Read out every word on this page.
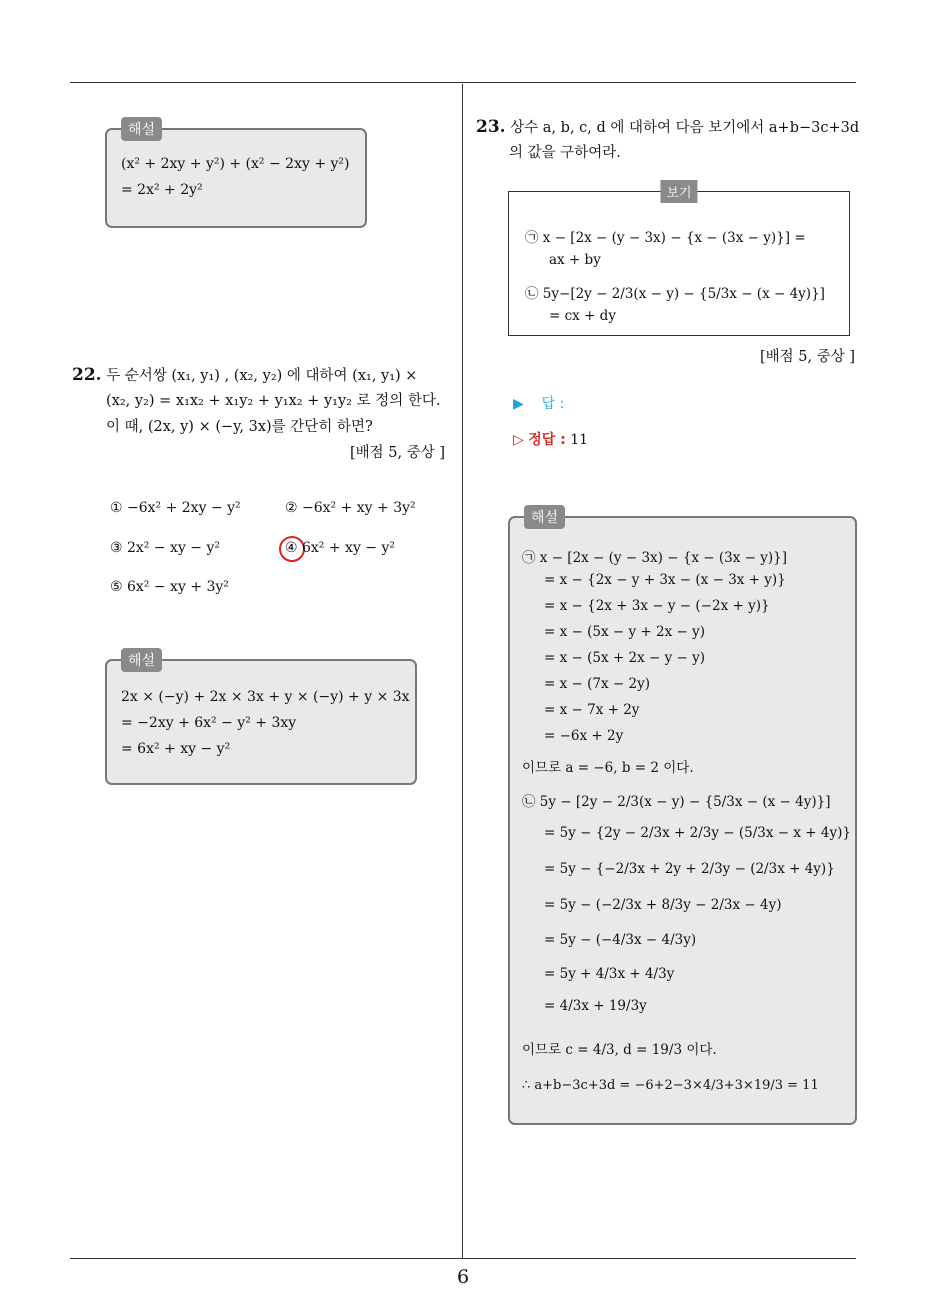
6
해설
(x² + 2xy + y²) + (x² − 2xy + y²)
= 2x² + 2y²
22. 두 순서쌍 (x₁, y₁) , (x₂, y₂) 에 대하여 (x₁, y₁) ×
(x₂, y₂) = x₁x₂ + x₁y₂ + y₁x₂ + y₁y₂ 로 정의 한다.
이 때, (2x, y) × (−y, 3x)를 간단히 하면?
[배점 5, 중상 ]
① −6x² + 2xy − y²	② −6x² + xy + 3y²
③ 2x² − xy − y²	④ 6x² + xy − y²
⑤ 6x² − xy + 3y²
해설
2x × (−y) + 2x × 3x + y × (−y) + y × 3x
= −2xy + 6x² − y² + 3xy
= 6x² + xy − y²
23. 상수 a, b, c, d 에 대하여 다음 보기에서 a+b−3c+3d
의 값을 구하여라.
보기
㉠ x − [2x − (y − 3x) − {x − (3x − y)}] =
ax + by
㉡ 5y−[2y − 2/3(x − y) − {5/3x − (x − 4y)}]
= cx + dy
[배점 5, 중상 ]
▶ 답 :
▷ 정답 : 11
해설
㉠ x − [2x − (y − 3x) − {x − (3x − y)}]
= x − {2x − y + 3x − (x − 3x + y)}
= x − {2x + 3x − y − (−2x + y)}
= x − (5x − y + 2x − y)
= x − (5x + 2x − y − y)
= x − (7x − 2y)
= x − 7x + 2y
= −6x + 2y
이므로 a = −6, b = 2 이다.
㉡ 5y − [2y − 2/3(x − y) − {5/3x − (x − 4y)}]
= 5y − {2y − 2/3x + 2/3y − (5/3x − x + 4y)}
= 5y − {−2/3x + 2y + 2/3y − (2/3x + 4y)}
= 5y − (−2/3x + 8/3y − 2/3x − 4y)
= 5y − (−4/3x − 4/3y)
= 5y + 4/3x + 4/3y
= 4/3x + 19/3y
이므로 c = 4/3, d = 19/3 이다.
∴ a+b−3c+3d = −6+2−3×4/3+3×19/3 = 11
